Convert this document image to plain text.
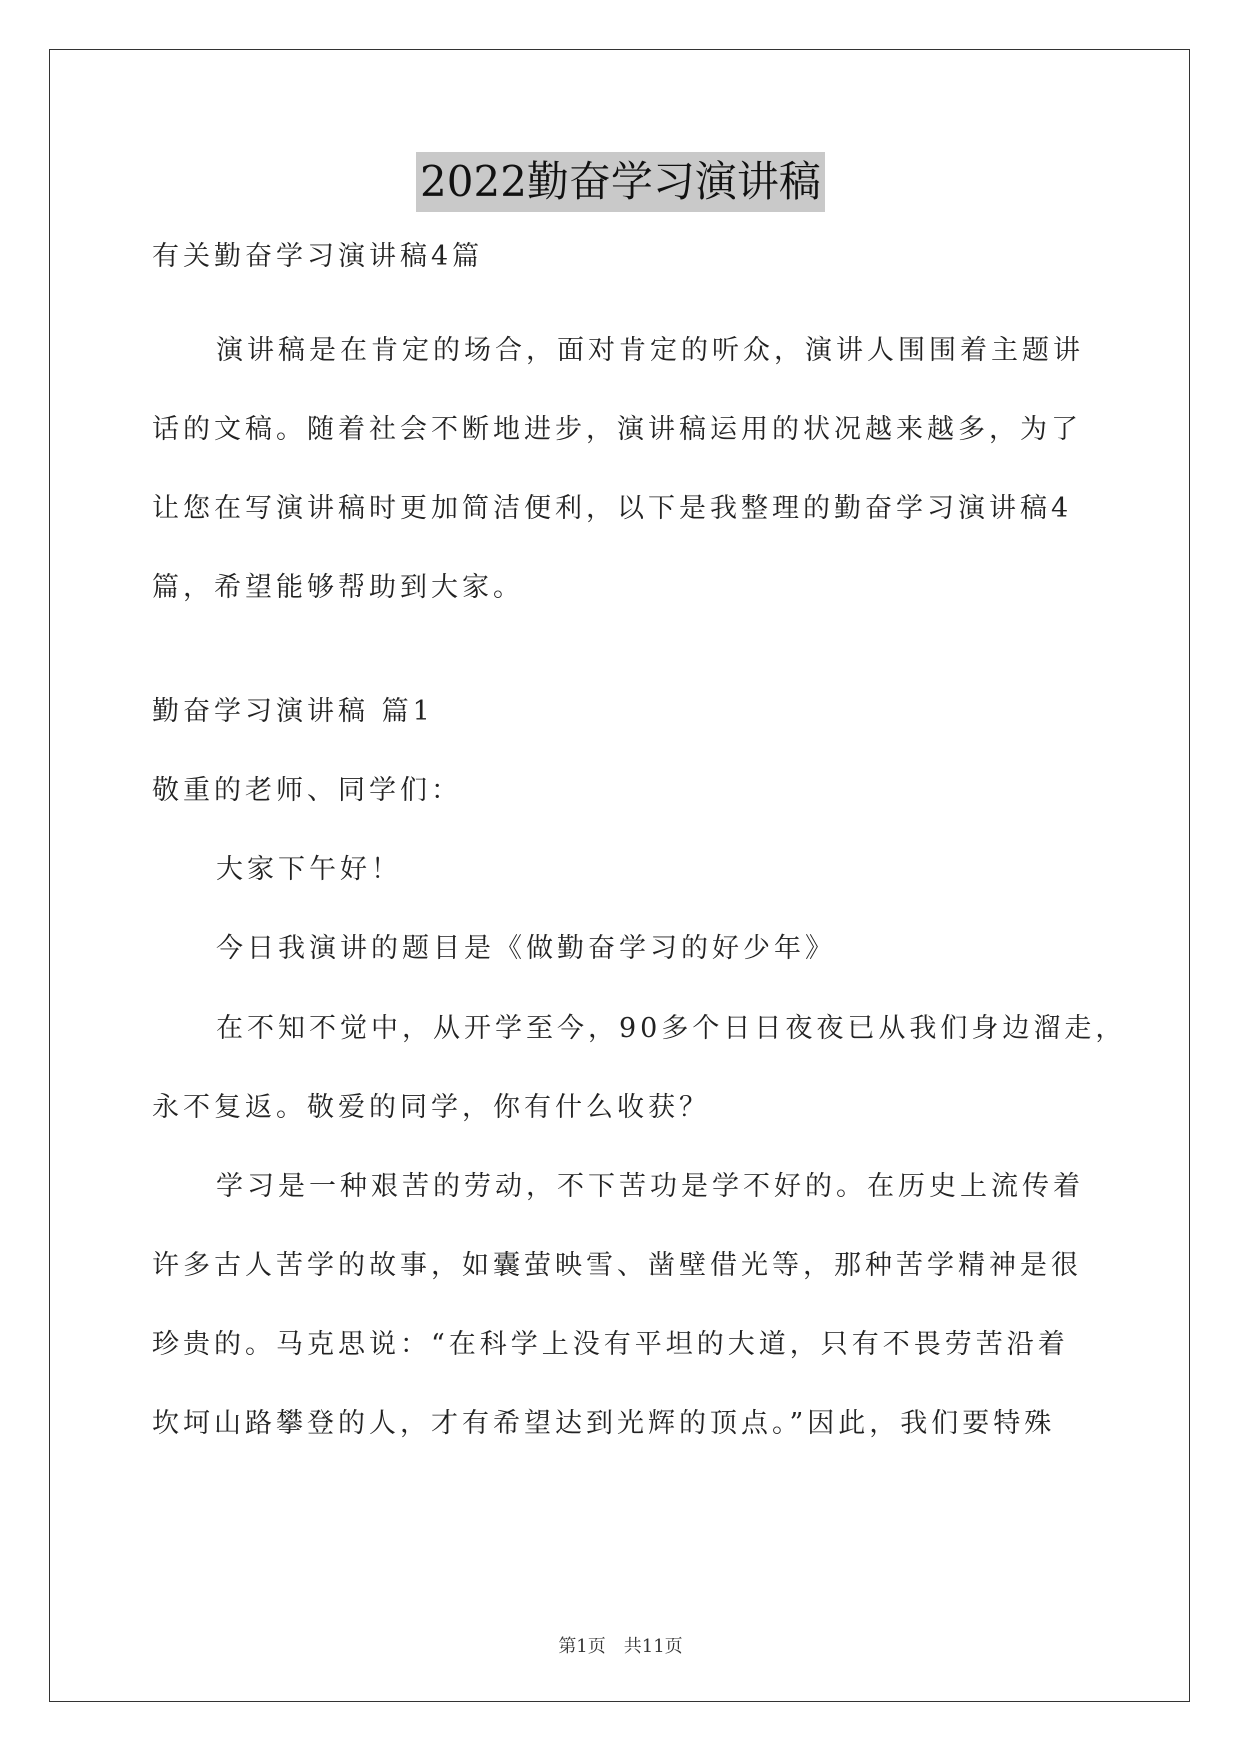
2022勤奋学习演讲稿

有关勤奋学习演讲稿4篇

演讲稿是在肯定的场合，面对肯定的听众，演讲人围围着主题讲
话的文稿。随着社会不断地进步，演讲稿运用的状况越来越多，为了
让您在写演讲稿时更加简洁便利，以下是我整理的勤奋学习演讲稿4
篇，希望能够帮助到大家。

勤奋学习演讲稿 篇1

敬重的老师、同学们：

大家下午好！

今日我演讲的题目是《做勤奋学习的好少年》

在不知不觉中，从开学至今，90多个日日夜夜已从我们身边溜走，
永不复返。敬爱的同学，你有什么收获？
学习是一种艰苦的劳动，不下苦功是学不好的。在历史上流传着
许多古人苦学的故事，如囊萤映雪、凿壁借光等，那种苦学精神是很
珍贵的。马克思说：“在科学上没有平坦的大道，只有不畏劳苦沿着
坎坷山路攀登的人，才有希望达到光辉的顶点。”因此，我们要特殊
第1页　共11页
